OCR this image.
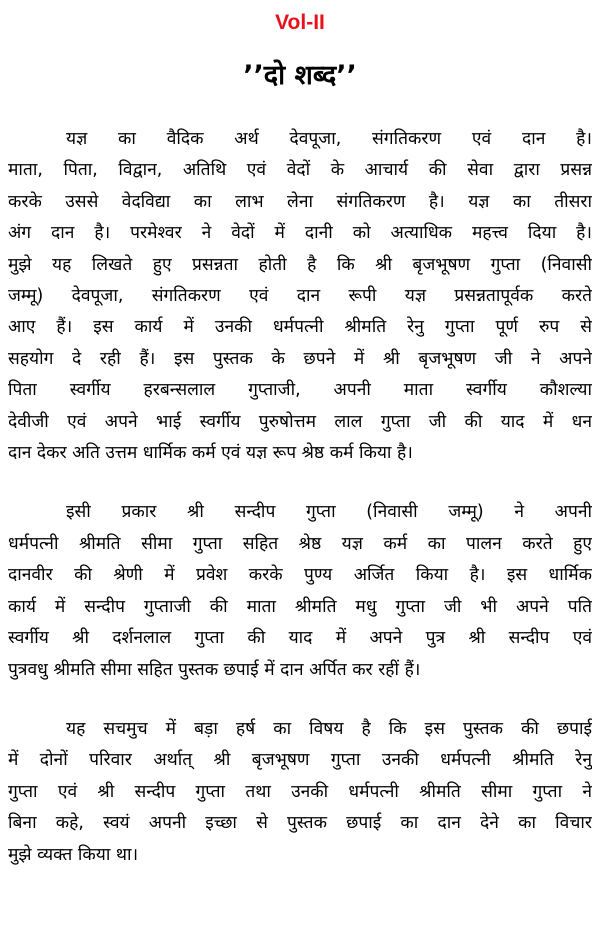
Vol-II
’’दो शब्द’’
यज्ञ का वैदिक अर्थ देवपूजा, संगतिकरण एवं दान है।
माता, पिता, विद्वान, अतिथि एवं वेदों के आचार्य की सेवा द्वारा प्रसन्न
करके उससे वेदविद्या का लाभ लेना संगतिकरण है। यज्ञ का तीसरा
अंग दान है। परमेश्वर ने वेदों में दानी को अत्याधिक महत्त्व दिया है।
मुझे यह लिखते हुए प्रसन्नता होती है कि श्री बृजभूषण गुप्ता (निवासी
जम्मू) देवपूजा, संगतिकरण एवं दान रूपी यज्ञ प्रसन्नतापूर्वक करते
आए हैं। इस कार्य में उनकी धर्मपत्नी श्रीमति रेनु गुप्ता पूर्ण रुप से
सहयोग दे रही हैं। इस पुस्तक के छपने में श्री बृजभूषण जी ने अपने
पिता स्वर्गीय हरबन्सलाल गुप्ताजी, अपनी माता स्वर्गीय कौशल्या
देवीजी एवं अपने भाई स्वर्गीय पुरुषोत्तम लाल गुप्ता जी की याद में धन
दान देकर अति उत्तम धार्मिक कर्म एवं यज्ञ रूप श्रेष्ठ कर्म किया है।
इसी प्रकार श्री सन्दीप गुप्ता (निवासी जम्मू) ने अपनी
धर्मपत्नी श्रीमति सीमा गुप्ता सहित श्रेष्ठ यज्ञ कर्म का पालन करते हुए
दानवीर की श्रेणी में प्रवेश करके पुण्य अर्जित किया है। इस धार्मिक
कार्य में सन्दीप गुप्ताजी की माता श्रीमति मधु गुप्ता जी भी अपने पति
स्वर्गीय श्री दर्शनलाल गुप्ता की याद में अपने पुत्र श्री सन्दीप एवं
पुत्रवधु श्रीमति सीमा सहित पुस्तक छपाई में दान अर्पित कर रहीं हैं।
यह सचमुच में बड़ा हर्ष का विषय है कि इस पुस्तक की छपाई
में दोनों परिवार अर्थात् श्री बृजभूषण गुप्ता उनकी धर्मपत्नी श्रीमति रेनु
गुप्ता एवं श्री सन्दीप गुप्ता तथा उनकी धर्मपत्नी श्रीमति सीमा गुप्ता ने
बिना कहे, स्वयं अपनी इच्छा से पुस्तक छपाई का दान देने का विचार
मुझे व्यक्त किया था।
